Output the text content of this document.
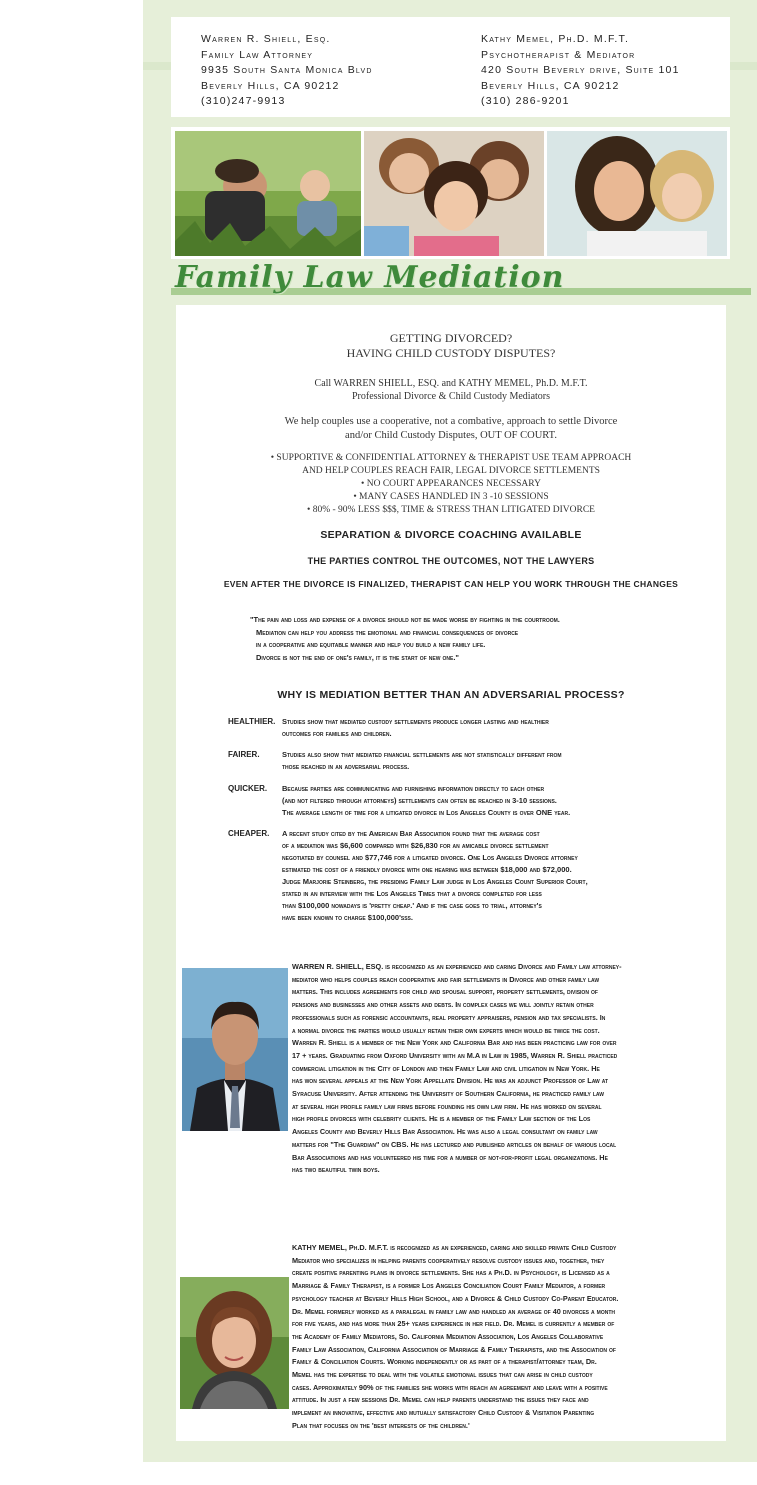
Warren R. Shiell, Esq.
Family Law Attorney
9935 South Santa Monica Blvd
Beverly Hills, CA 90212
(310)247-9913
Kathy Memel, Ph.D. M.F.T.
Psychotherapist & Mediator
420 South Beverly drive, Suite 101
Beverly Hills, CA 90212
(310) 286-9201
Family Law Mediation
GETTING DIVORCED?
HAVING CHILD CUSTODY DISPUTES?
Call WARREN SHIELL, ESQ. and KATHY MEMEL, Ph.D. M.F.T.
Professional Divorce & Child Custody Mediators
We help couples use a cooperative, not a combative, approach to settle Divorce
and/or Child Custody Disputes, OUT OF COURT.
• SUPPORTIVE & CONFIDENTIAL ATTORNEY & THERAPIST USE TEAM APPROACH
AND HELP COUPLES REACH FAIR, LEGAL DIVORCE SETTLEMENTS
• NO COURT APPEARANCES NECESSARY
• MANY CASES HANDLED IN 3 -10 SESSIONS
• 80% - 90% LESS $$$, TIME & STRESS THAN LITIGATED DIVORCE
SEPARATION & DIVORCE COACHING AVAILABLE
THE PARTIES CONTROL THE OUTCOMES, NOT THE LAWYERS
EVEN AFTER THE DIVORCE IS FINALIZED, THERAPIST CAN HELP YOU WORK THROUGH THE CHANGES
"The pain and loss and expense of a divorce should not be made worse by fighting in the courtroom.
Mediation can help you address the emotional and financial consequences of divorce
in a cooperative and equitable manner and help you build a new family life.
Divorce is not the end of one's family, it is the start of new one."
WHY IS MEDIATION BETTER THAN AN ADVERSARIAL PROCESS?
HEALTHIER. Studies show that mediated custody settlements produce longer lasting and healthier
outcomes for families and children.
FAIRER.	Studies also show that mediated financial settlements are not statistically different from
those reached in an adversarial process.
QUICKER. Because parties are communicating and furnishing information directly to each other
(and not filtered through attorneys) settlements can often be reached in 3-10 sessions.
The average length of time for a litigated divorce in Los Angeles County is over ONE year.
CHEAPER. A recent study cited by the American Bar Association found that the average cost
of a mediation was $6,600 compared with $26,830 for an amicable divorce settlement
negotiated by counsel and $77,746 for a litigated divorce. One Los Angeles Divorce attorney
estimated the cost of a friendly divorce with one hearing was between $18,000 and $72,000.
Judge Marjorie Steinberg, the presiding Family Law judge in Los Angeles Count Superior Court,
stated in an interview with the Los Angeles Times that a divorce completed for less
than $100,000 nowadays is 'pretty cheap.' And if the case goes to trial, attorney's
have been known to charge $100,000'sss.
WARREN R. SHIELL, ESQ. is recognized as an experienced and caring Divorce and Family law attorney-
mediator who helps couples reach cooperative and fair settlements in Divorce and other family law
matters. This includes agreements for child and spousal support, property settlements, division of
pensions and businesses and other assets and debts. In complex cases we will jointly retain other
professionals such as forensic accountants, real property appraisers, pension and tax specialists. In
a normal divorce the parties would usually retain their own experts which would be twice the cost.
Warren R. Shiell is a member of the New York and California Bar and has been practicing law for over
17 + years. Graduating from Oxford University with an M.A in Law in 1985, Warren R. Shiell practiced
commercial litigation in the City of London and then Family Law and civil litigation in New York. He
has won several appeals at the New York Appellate Division. He was an adjunct Professor of Law at
Syracuse University. After attending the University of Southern California, he practiced family law
at several high profile family law firms before founding his own law firm. He has worked on several
high profile divorces with celebrity clients. He is a member of the Family Law section of the Los
Angeles County and Beverly Hills Bar Association. He was also a legal consultant on family law
matters for "The Guardian" on CBS. He has lectured and published articles on behalf of various local
Bar Associations and has volunteered his time for a number of not-for-profit legal organizations. He
has two beautiful twin boys.
KATHY MEMEL, Ph.D. M.F.T. is recognized as an experienced, caring and skilled private Child Custody
Mediator who specializes in helping parents cooperatively resolve custody issues and, together, they
create positive parenting plans in divorce settlements. She has a Ph.D. in Psychology, is Licensed as a
Marriage & Family Therapist, is a former Los Angeles Conciliation Court Family Mediator, a former
psychology teacher at Beverly Hills High School, and a Divorce & Child Custody Co-Parent Educator.
Dr. Memel formerly worked as a paralegal in family law and handled an average of 40 divorces a month
for five years, and has more than 25+ years experience in her field. Dr. Memel is currently a member of
the Academy of Family Mediators, So. California Mediation Association, Los Angeles Collaborative
Family Law Association, California Association of Marriage & Family Therapists, and the Association of
Family & Conciliation Courts. Working independently or as part of a therapist/attorney team, Dr.
Memel has the expertise to deal with the volatile emotional issues that can arise in child custody
cases. Approximately 90% of the families she works with reach an agreement and leave with a positive
attitude. In just a few sessions Dr. Memel can help parents understand the issues they face and
implement an innovative, effective and mutually satisfactory Child Custody & Visitation Parenting
Plan that focuses on the 'best interests of the children.'
